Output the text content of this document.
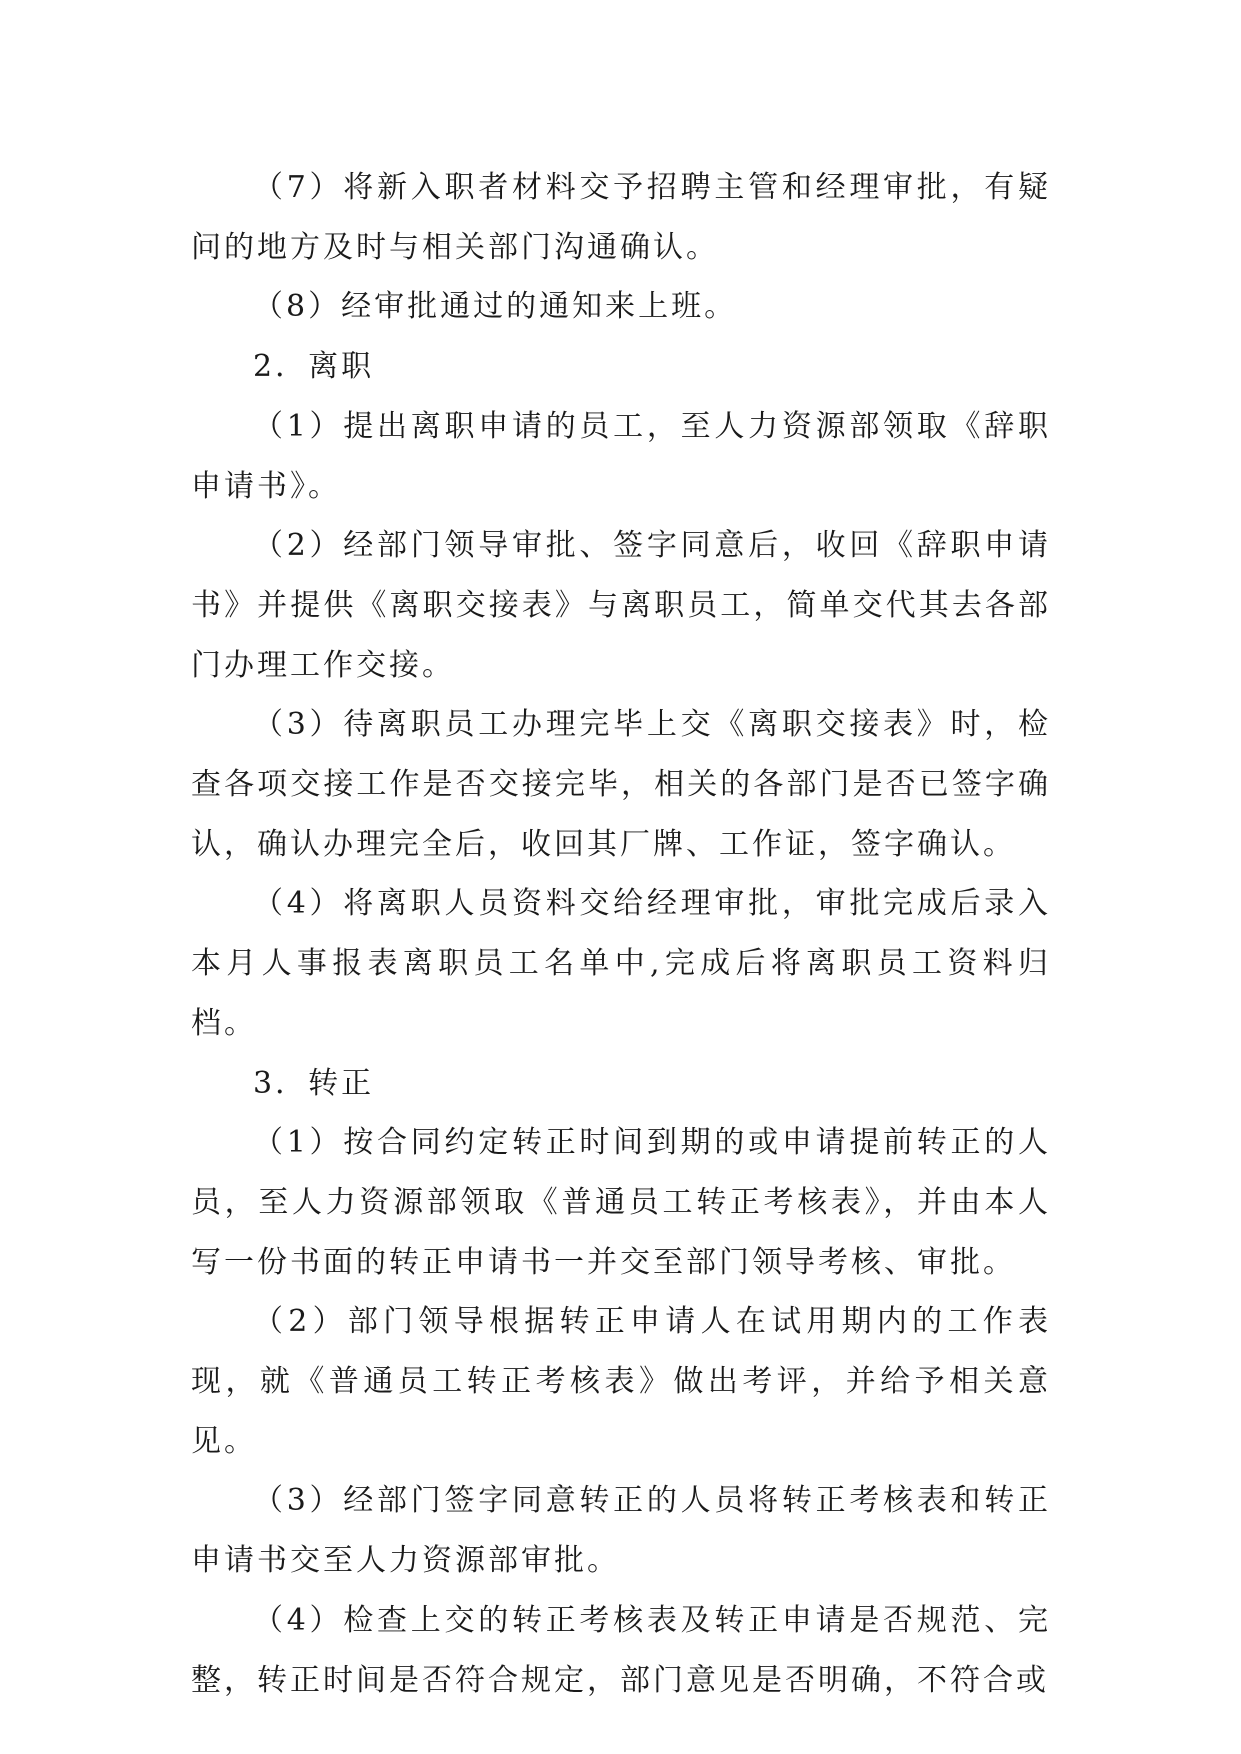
（7）将新入职者材料交予招聘主管和经理审批，有疑问的地方及时与相关部门沟通确认。

（8）经审批通过的通知来上班。

2．离职

（1）提出离职申请的员工，至人力资源部领取《辞职申请书》。

（2）经部门领导审批、签字同意后，收回《辞职申请书》并提供《离职交接表》与离职员工，简单交代其去各部门办理工作交接。

（3）待离职员工办理完毕上交《离职交接表》时，检查各项交接工作是否交接完毕，相关的各部门是否已签字确认，确认办理完全后，收回其厂牌、工作证，签字确认。

（4）将离职人员资料交给经理审批，审批完成后录入本月人事报表离职员工名单中,完成后将离职员工资料归档。

3．转正

（1）按合同约定转正时间到期的或申请提前转正的人员，至人力资源部领取《普通员工转正考核表》，并由本人写一份书面的转正申请书一并交至部门领导考核、审批。

（2）部门领导根据转正申请人在试用期内的工作表现，就《普通员工转正考核表》做出考评，并给予相关意见。

（3）经部门签字同意转正的人员将转正考核表和转正申请书交至人力资源部审批。

（4）检查上交的转正考核表及转正申请是否规范、完整，转正时间是否符合规定，部门意见是否明确，不符合或
